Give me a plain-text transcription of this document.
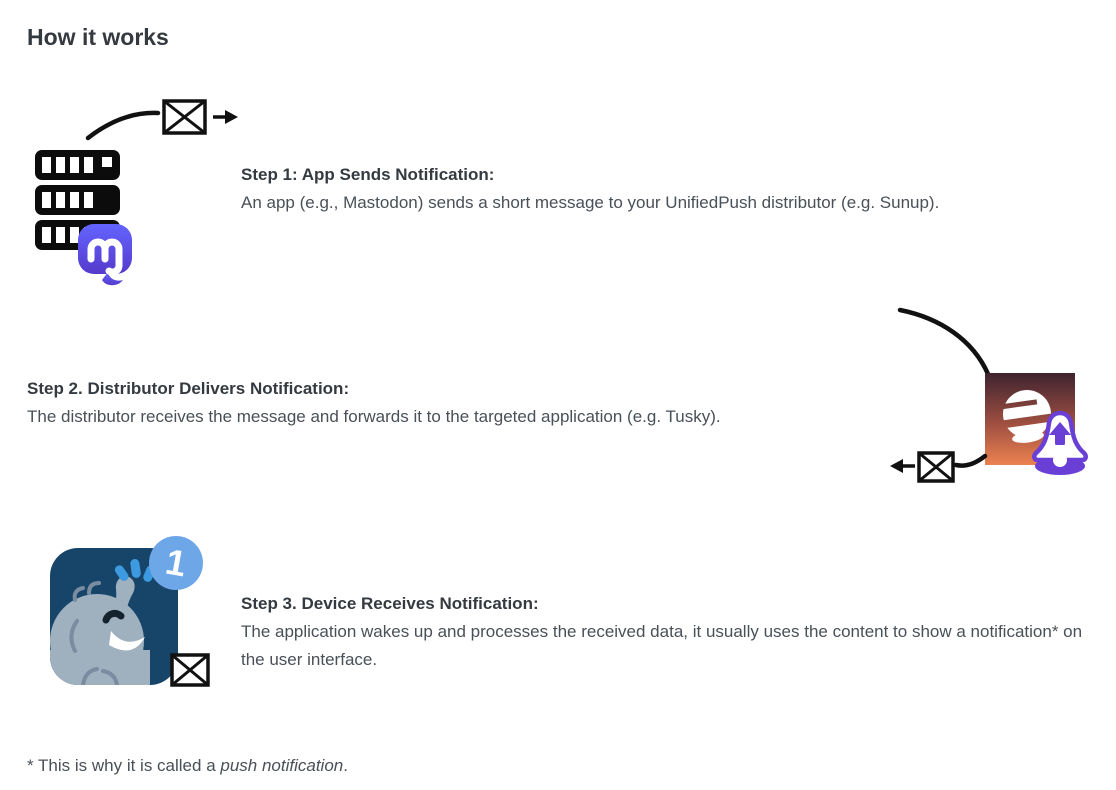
How it works

Step 1: App Sends Notification:

An app (e.g., Mastodon) sends a short message to your UnifiedPush distributor (e.g. Sunup).

Step 2. Distributor Delivers Notification:

The distributor receives the message and forwards it to the targeted application (e.g. Tusky).

1

Step 3. Device Receives Notification:

The application wakes up and processes the received data, it usually uses the content to show a notification* on the user interface.

* This is why it is called a push notification.
